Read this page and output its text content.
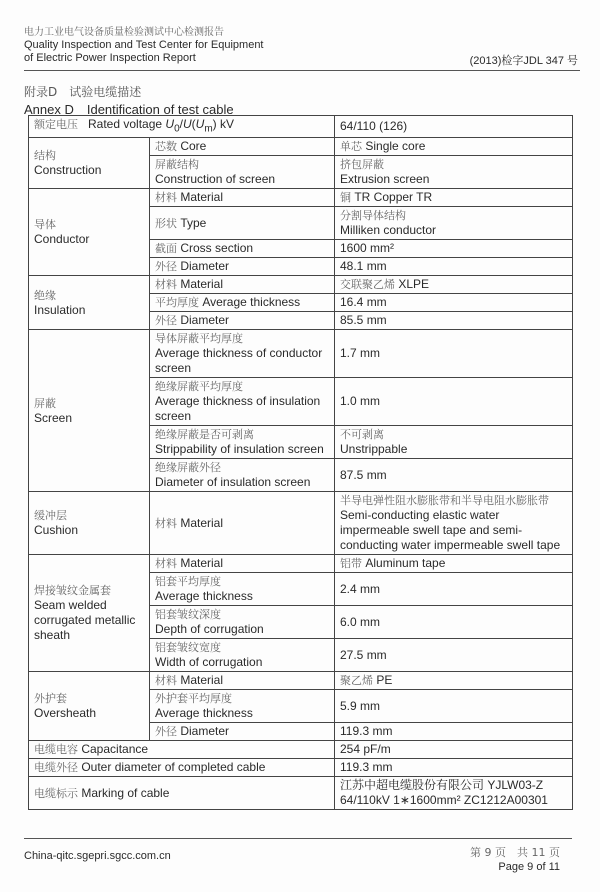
电力工业电气设备质量检验测试中心检测报告
Quality Inspection and Test Center for Equipment
of Electric Power Inspection Report	(2013)检字JDL 347 号
附录D　试验电缆描述
Annex D　Identification of test cable
额定电压   Rated voltage $U_0/U(U_m)$ kV		64/110 (126)
结构
Construction	芯数 Core	单芯 Single core
	屏蔽结构
Construction of screen	挤包屏蔽
Extrusion screen
导体
Conductor	材料 Material	铜 TR Copper TR
	形状 Type	分割导体结构
Milliken conductor
	截面 Cross section	1600 mm²
	外径 Diameter	48.1 mm
绝缘
Insulation	材料 Material	交联聚乙烯 XLPE
	平均厚度 Average thickness	16.4 mm
	外径 Diameter	85.5 mm
屏蔽
Screen	导体屏蔽平均厚度
Average thickness of conductor screen	1.7 mm
	绝缘屏蔽平均厚度
Average thickness of insulation screen	1.0 mm
	绝缘屏蔽是否可剥离
Strippability of insulation screen	不可剥离
Unstrippable
	绝缘屏蔽外径
Diameter of insulation screen	87.5 mm
缓冲层
Cushion	材料 Material	半导电弹性阻水膨胀带和半导电阻水膨胀带
Semi-conducting elastic water impermeable swell tape and semi-conducting water impermeable swell tape
焊接皱纹金属套
Seam welded corrugated metallic sheath	材料 Material	铝带 Aluminum tape
	铝套平均厚度
Average thickness	2.4 mm
	铝套皱纹深度
Depth of corrugation	6.0 mm
	铝套皱纹宽度
Width of corrugation	27.5 mm
外护套
Oversheath	材料 Material	聚乙烯 PE
	外护套平均厚度
Average thickness	5.9 mm
	外径 Diameter	119.3 mm
电缆电容 Capacitance		254 pF/m
电缆外径 Outer diameter of completed cable		119.3 mm
电缆标示 Marking of cable		江苏中超电缆股份有限公司 YJLW03-Z 64/110kV 1∗1600mm² ZC1212A00301
China-qitc.sgepri.sgcc.com.cn	第 9 页　共 11 页
Page 9 of 11
